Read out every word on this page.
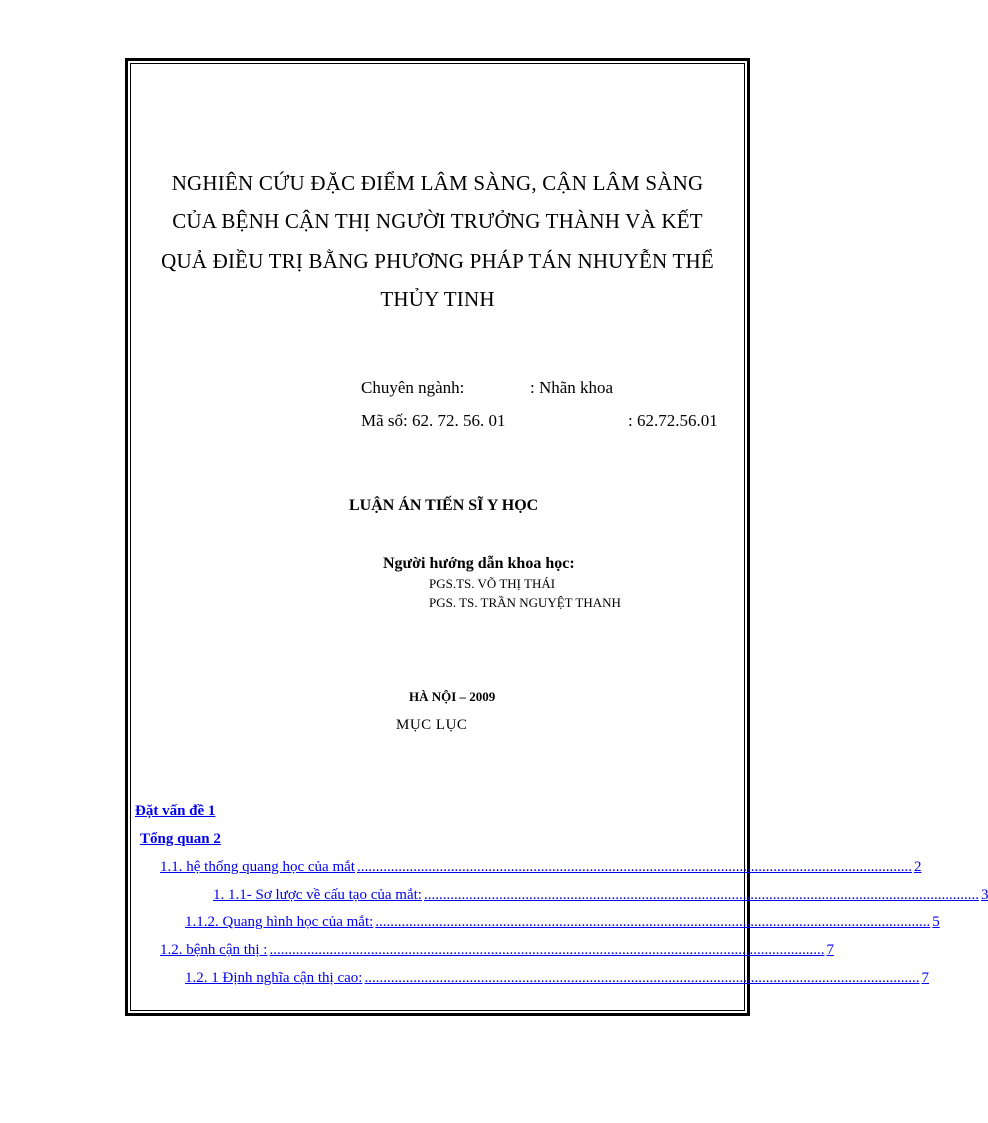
NGHIÊN CỨU ĐẶC ĐIỂM LÂM SÀNG, CẬN LÂM SÀNG
CỦA BỆNH CẬN THỊ NGƯỜI TRƯỞNG THÀNH VÀ KẾT
QUẢ ĐIỀU TRỊ BẰNG PHƯƠNG PHÁP TÁN NHUYỄN THỂ
THỦY TINH
Chuyên ngành:	: Nhãn khoa
Mã số: 62. 72. 56. 01	: 62.72.56.01
LUẬN ÁN TIẾN SĨ Y HỌC
Người hướng dẫn khoa học:
PGS.TS. VÕ THỊ THÁI
PGS. TS. TRẦN NGUYỆT THANH
HÀ NỘI – 2009
MỤC LỤC
Đặt vấn đề 1
Tổng quan 2
1.1. hệ thống quang học của mắt .................................................................................................................................................... 2
1. 1.1- Sơ lược về cấu tạo của mắt: .................................................................................................................................................... 3
1.1.2. Quang hình học của mắt: .................................................................................................................................................... 5
1.2. bệnh cận thị : .................................................................................................................................................... 7
1.2. 1 Định nghĩa cận thị cao: .................................................................................................................................................... 7
